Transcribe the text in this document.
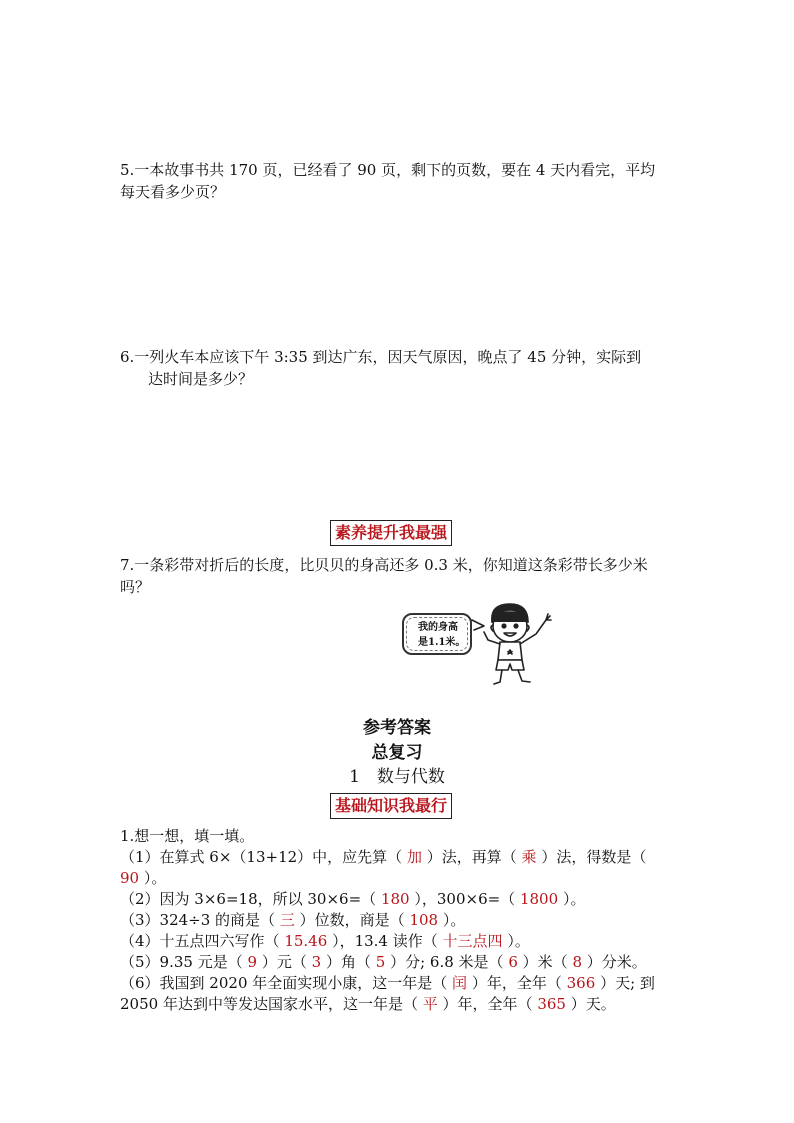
5.一本故事书共 170 页，已经看了 90 页，剩下的页数，要在 4 天内看完，平均
每天看多少页？
6.一列火车本应该下午 3:35 到达广东，因天气原因，晚点了 45 分钟，实际到
达时间是多少？
素养提升我最强
7.一条彩带对折后的长度，比贝贝的身高还多 0.3 米，你知道这条彩带长多少米
吗？
我的身高
是1.1米。
参考答案
总复习
1　数与代数
基础知识我最行
1.想一想，填一填。
（1）在算式 6×（13+12）中，应先算（ 加 ）法，再算（ 乘 ）法，得数是（
90 ）。
（2）因为 3×6=18，所以 30×6=（ 180 ），300×6=（ 1800 ）。
（3）324÷3 的商是（ 三 ）位数，商是（ 108 ）。
（4）十五点四六写作（ 15.46 ），13.4 读作（ 十三点四 ）。
（5）9.35 元是（ 9 ）元（ 3 ）角（ 5 ）分; 6.8 米是（ 6 ）米（ 8 ）分米。
（6）我国到 2020 年全面实现小康，这一年是（ 闰 ）年，全年（ 366 ）天; 到
2050 年达到中等发达国家水平，这一年是（ 平 ）年，全年（ 365 ）天。
